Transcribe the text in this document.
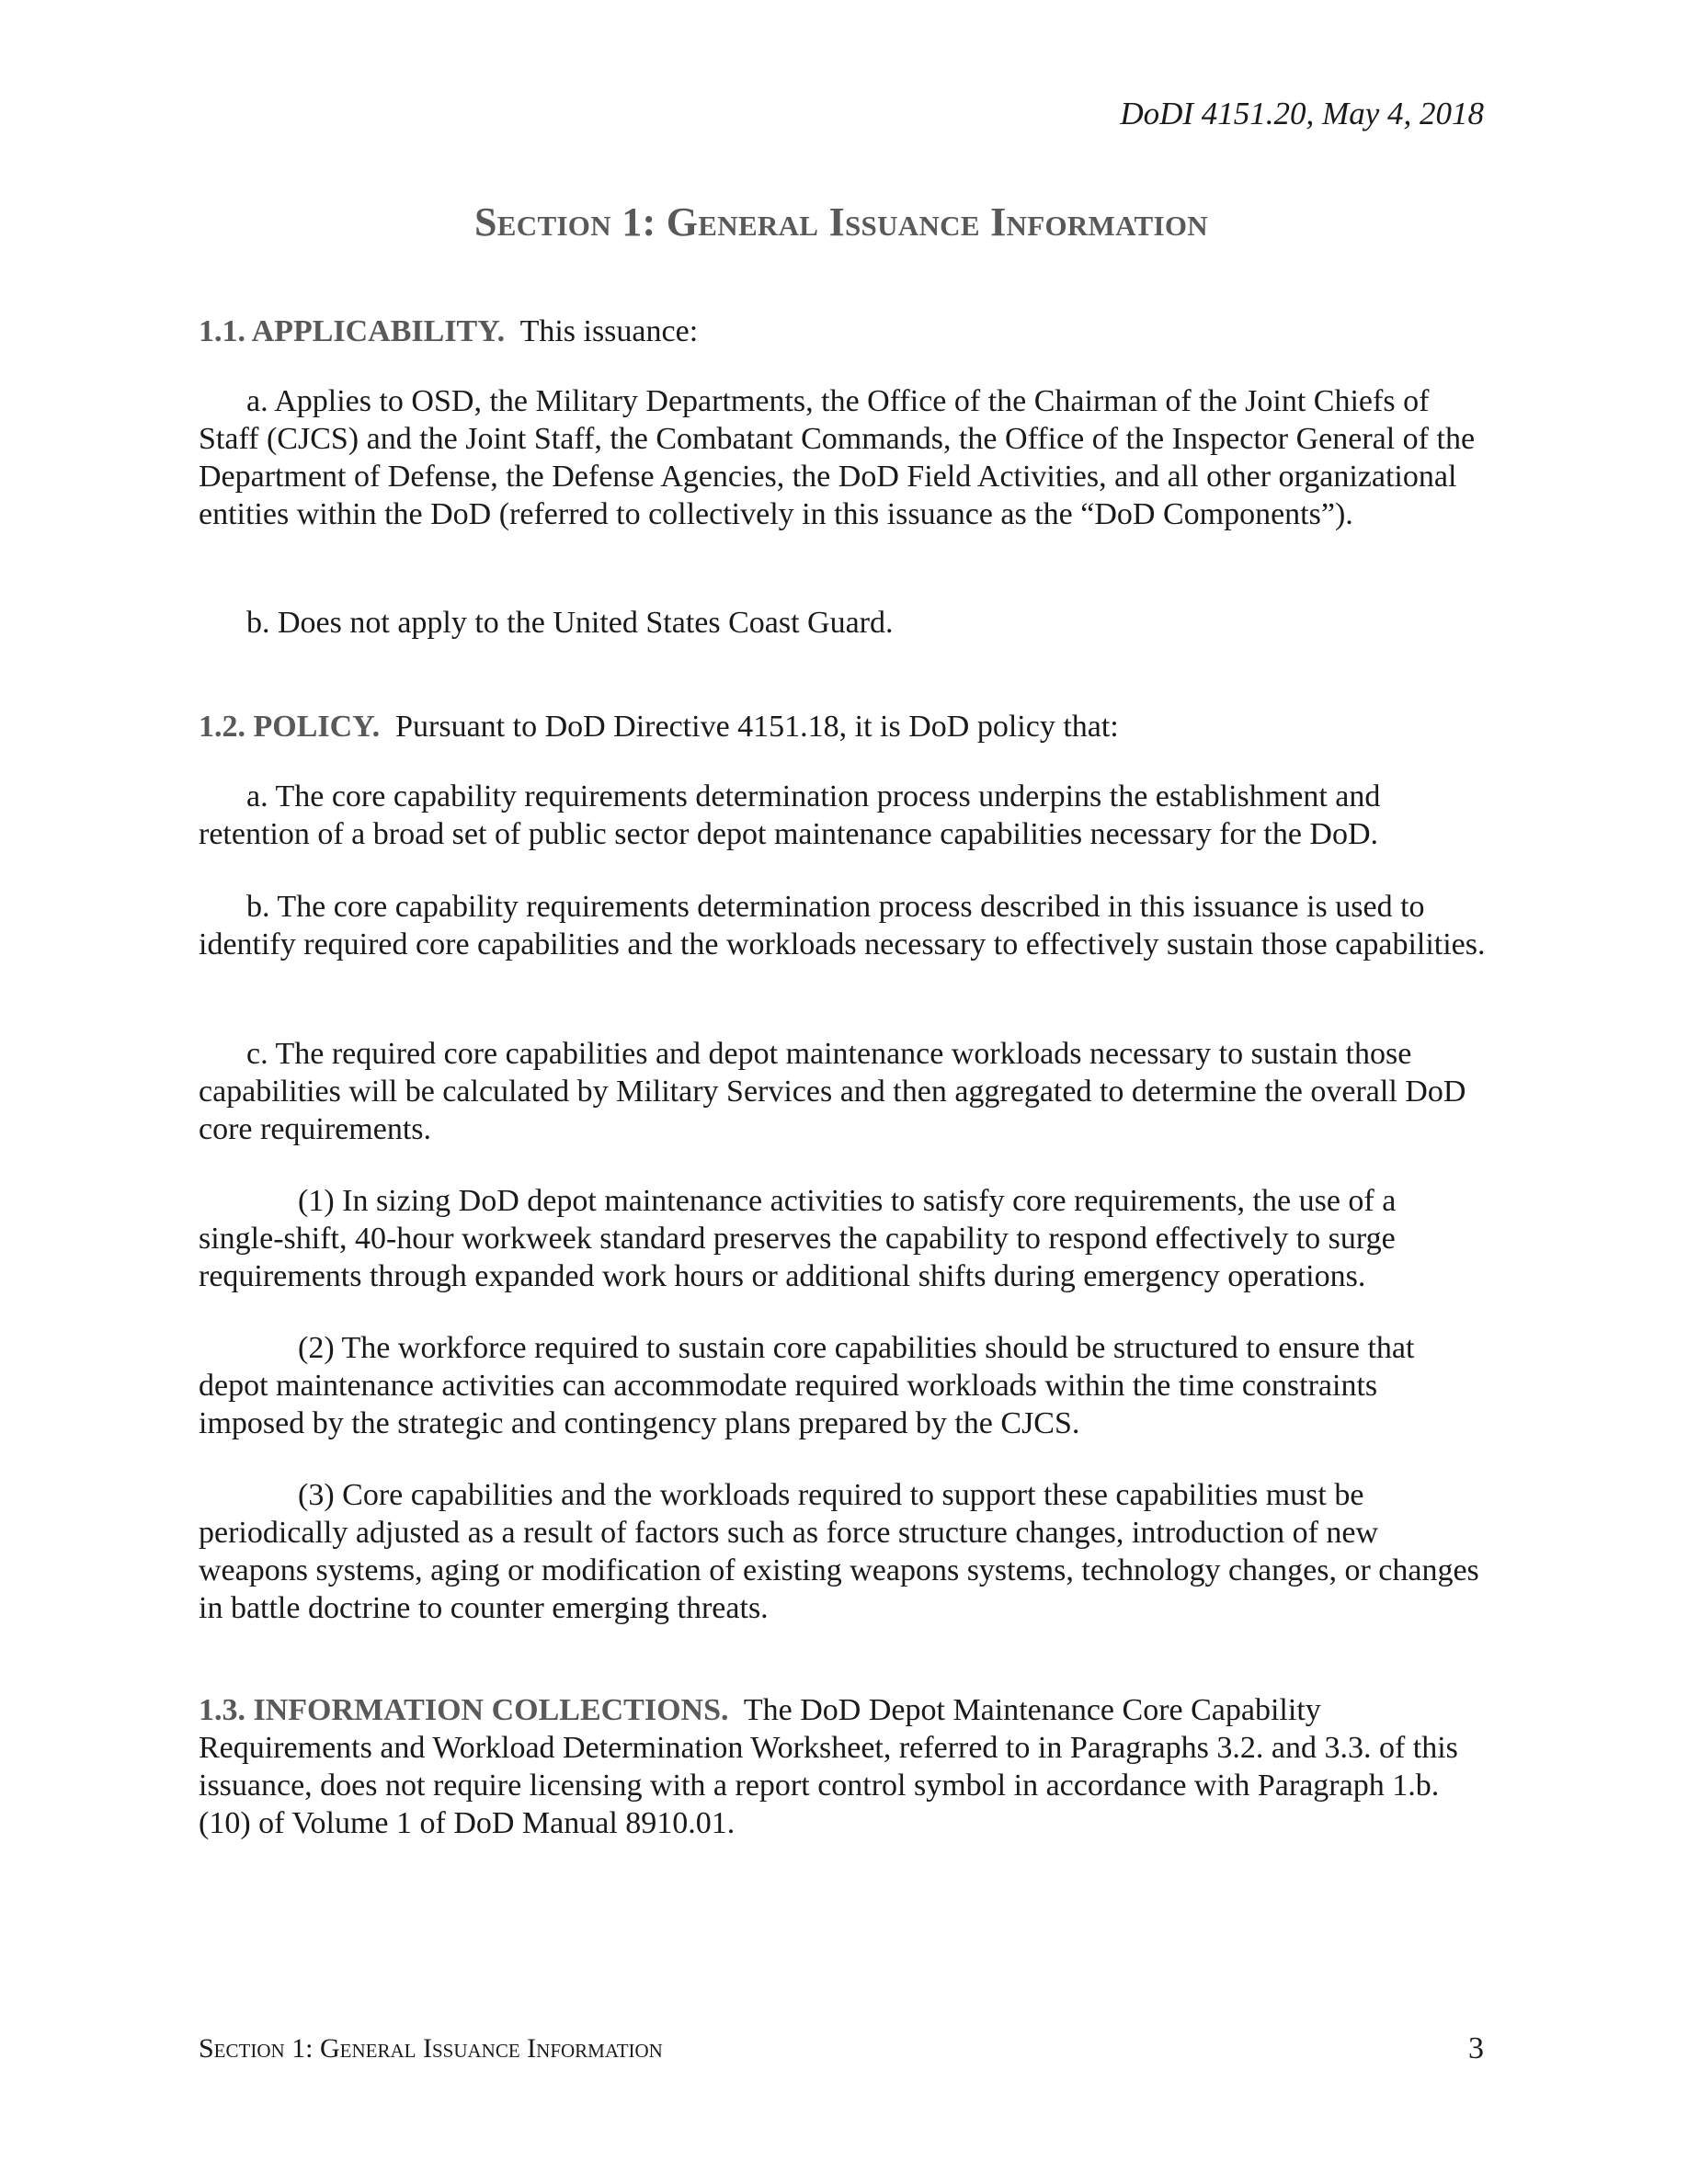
DoDI 4151.20, May 4, 2018
Section 1: General Issuance Information

1.1. APPLICABILITY. This issuance:

a. Applies to OSD, the Military Departments, the Office of the Chairman of the Joint Chiefs of Staff (CJCS) and the Joint Staff, the Combatant Commands, the Office of the Inspector General of the Department of Defense, the Defense Agencies, the DoD Field Activities, and all other organizational entities within the DoD (referred to collectively in this issuance as the “DoD Components”).

b. Does not apply to the United States Coast Guard.

1.2. POLICY. Pursuant to DoD Directive 4151.18, it is DoD policy that:

a. The core capability requirements determination process underpins the establishment and retention of a broad set of public sector depot maintenance capabilities necessary for the DoD.

b. The core capability requirements determination process described in this issuance is used to identify required core capabilities and the workloads necessary to effectively sustain those capabilities.

c. The required core capabilities and depot maintenance workloads necessary to sustain those capabilities will be calculated by Military Services and then aggregated to determine the overall DoD core requirements.

(1) In sizing DoD depot maintenance activities to satisfy core requirements, the use of a single-shift, 40-hour workweek standard preserves the capability to respond effectively to surge requirements through expanded work hours or additional shifts during emergency operations.

(2) The workforce required to sustain core capabilities should be structured to ensure that depot maintenance activities can accommodate required workloads within the time constraints imposed by the strategic and contingency plans prepared by the CJCS.

(3) Core capabilities and the workloads required to support these capabilities must be periodically adjusted as a result of factors such as force structure changes, introduction of new weapons systems, aging or modification of existing weapons systems, technology changes, or changes in battle doctrine to counter emerging threats.

1.3. INFORMATION COLLECTIONS. The DoD Depot Maintenance Core Capability Requirements and Workload Determination Worksheet, referred to in Paragraphs 3.2. and 3.3. of this issuance, does not require licensing with a report control symbol in accordance with Paragraph 1.b.(10) of Volume 1 of DoD Manual 8910.01.

Section 1: General Issuance Information	3
